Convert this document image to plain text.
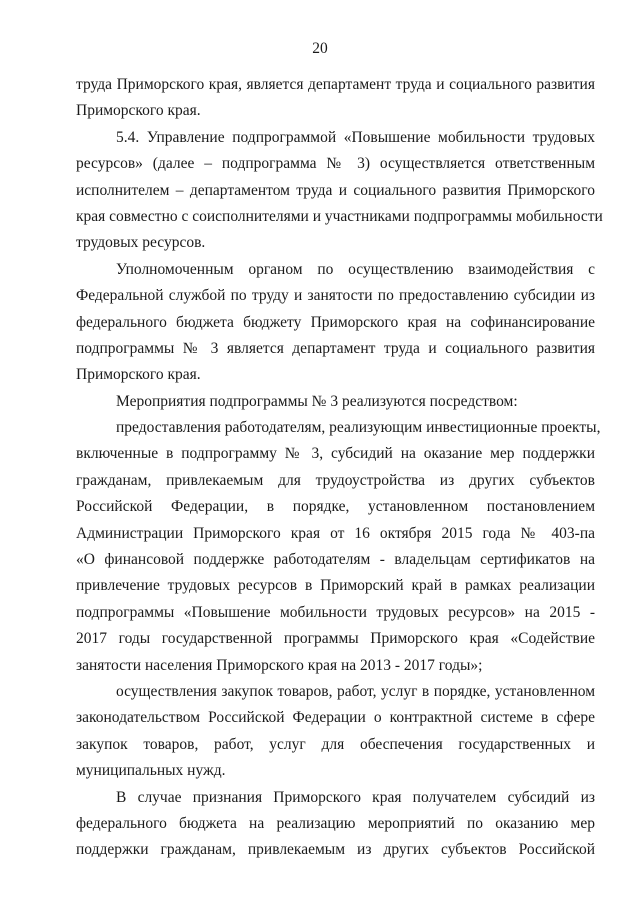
20
труда Приморского края, является департамент труда и социального развития
Приморского края.
5.4. Управление подпрограммой «Повышение мобильности трудовых
ресурсов» (далее – подпрограмма № 3) осуществляется ответственным
исполнителем – департаментом труда и социального развития Приморского
края совместно с соисполнителями и участниками подпрограммы мобильности
трудовых ресурсов.
Уполномоченным органом по осуществлению взаимодействия с
Федеральной службой по труду и занятости по предоставлению субсидии из
федерального бюджета бюджету Приморского края на софинансирование
подпрограммы № 3 является департамент труда и социального развития
Приморского края.
Мероприятия подпрограммы № 3 реализуются посредством:
предоставления работодателям, реализующим инвестиционные проекты,
включенные в подпрограмму № 3, субсидий на оказание мер поддержки
гражданам, привлекаемым для трудоустройства из других субъектов
Российской Федерации, в порядке, установленном постановлением
Администрации Приморского края от 16 октября 2015 года № 403-па
«О финансовой поддержке работодателям - владельцам сертификатов на
привлечение трудовых ресурсов в Приморский край в рамках реализации
подпрограммы «Повышение мобильности трудовых ресурсов» на 2015 -
2017 годы государственной программы Приморского края «Содействие
занятости населения Приморского края на 2013 - 2017 годы»;
осуществления закупок товаров, работ, услуг в порядке, установленном
законодательством Российской Федерации о контрактной системе в сфере
закупок товаров, работ, услуг для обеспечения государственных и
муниципальных нужд.
В случае признания Приморского края получателем субсидий из
федерального бюджета на реализацию мероприятий по оказанию мер
поддержки гражданам, привлекаемым из других субъектов Российской
